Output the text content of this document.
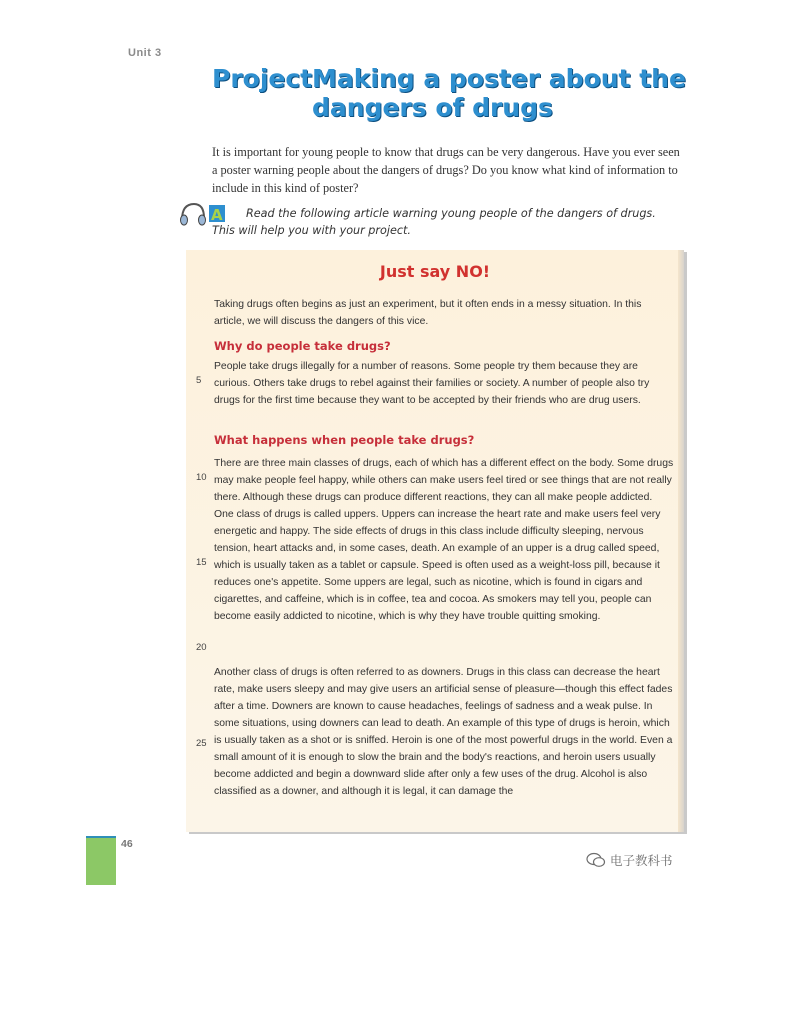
Unit 3
ProjectMaking a poster about the
dangers of drugs

It is important for young people to know that drugs can be very dangerous. Have you ever seen a poster warning people about the dangers of drugs? Do you know what kind of information to include in this kind of poster?

A	Read the following article warning young people of the dangers of drugs. This will help you with your project.
Just say NO!

Taking drugs often begins as just an experiment, but it often ends in a messy situation. In this article, we will discuss the dangers of this vice.

Why do people take drugs?

People take drugs illegally for a number of reasons. Some people try them because they are curious. Others take drugs to rebel against their families or society. A number of people also try drugs for the first time because they want to be accepted by their friends who are drug users.

What happens when people take drugs?

There are three main classes of drugs, each of which has a different effect on the body. Some drugs may make people feel happy, while others can make users feel tired or see things that are not really there. Although these drugs can produce different reactions, they can all make people addicted. One class of drugs is called uppers. Uppers can increase the heart rate and make users feel very energetic and happy. The side effects of drugs in this class include difficulty sleeping, nervous tension, heart attacks and, in some cases, death. An example of an upper is a drug called speed, which is usually taken as a tablet or capsule. Speed is often used as a weight-loss pill, because it reduces one's appetite. Some uppers are legal, such as nicotine, which is found in cigars and cigarettes, and caffeine, which is in coffee, tea and cocoa. As smokers may tell you, people can become easily addicted to nicotine, which is why they have trouble quitting smoking.

Another class of drugs is often referred to as downers. Drugs in this class can decrease the heart rate, make users sleepy and may give users an artificial sense of pleasure—though this effect fades after a time. Downers are known to cause headaches, feelings of sadness and a weak pulse. In some situations, using downers can lead to death. An example of this type of drugs is heroin, which is usually taken as a shot or is sniffed. Heroin is one of the most powerful drugs in the world. Even a small amount of it is enough to slow the brain and the body's reactions, and heroin users usually become addicted and begin a downward slide after only a few uses of the drug. Alcohol is also classified as a downer, and although it is legal, it can damage the

5
10
15
20
25
46
电子教科书
